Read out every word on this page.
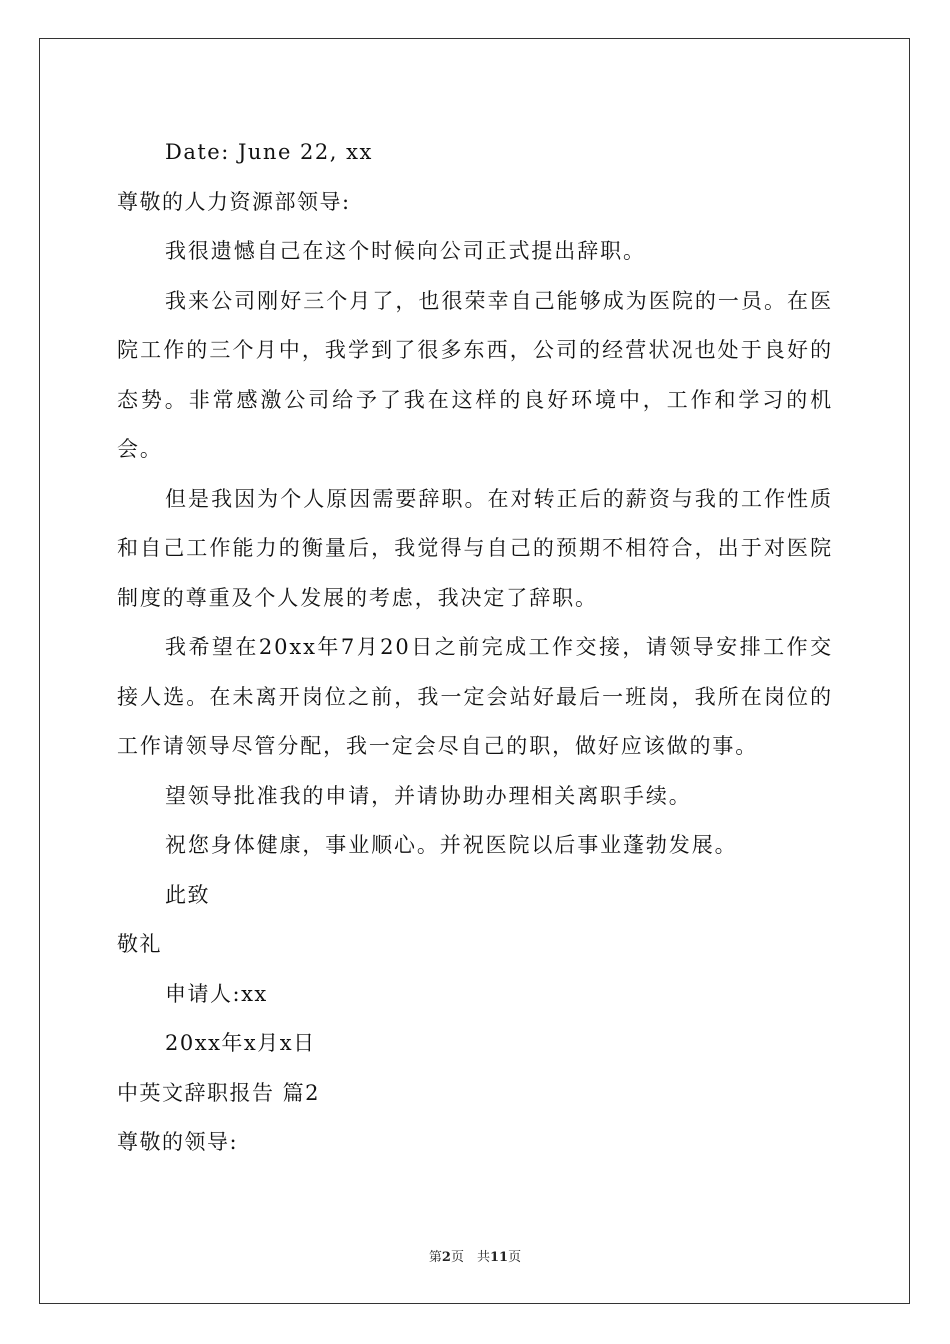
Date: June 22, xx
尊敬的人力资源部领导:

我很遗憾自己在这个时候向公司正式提出辞职。

我来公司刚好三个月了，也很荣幸自己能够成为医院的一员。在医院工作的三个月中，我学到了很多东西，公司的经营状况也处于良好的态势。非常感激公司给予了我在这样的良好环境中，工作和学习的机会。

但是我因为个人原因需要辞职。在对转正后的薪资与我的工作性质和自己工作能力的衡量后，我觉得与自己的预期不相符合，出于对医院制度的尊重及个人发展的考虑，我决定了辞职。

我希望在20xx年7月20日之前完成工作交接，请领导安排工作交接人选。在未离开岗位之前，我一定会站好最后一班岗，我所在岗位的工作请领导尽管分配，我一定会尽自己的职，做好应该做的事。

望领导批准我的申请，并请协助办理相关离职手续。

祝您身体健康，事业顺心。并祝医院以后事业蓬勃发展。

此致
敬礼
申请人:xx
20xx年x月x日
中英文辞职报告 篇2
尊敬的领导:
第2页　共11页
